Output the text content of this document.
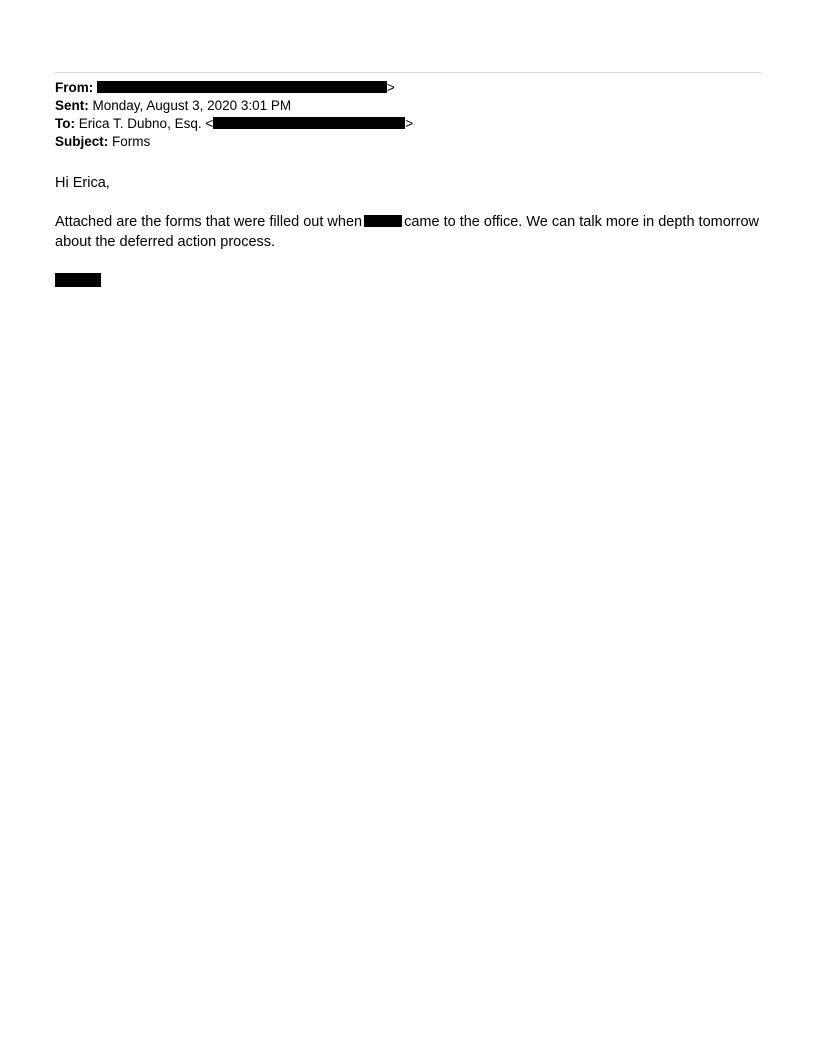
From:	>
Sent: Monday, August 3, 2020 3:01 PM
To: Erica T. Dubno, Esq. <	>
Subject: Forms

Hi Erica,

Attached are the forms that were filled out when	came to the office. We can talk more in depth tomorrow about the deferred action process.
